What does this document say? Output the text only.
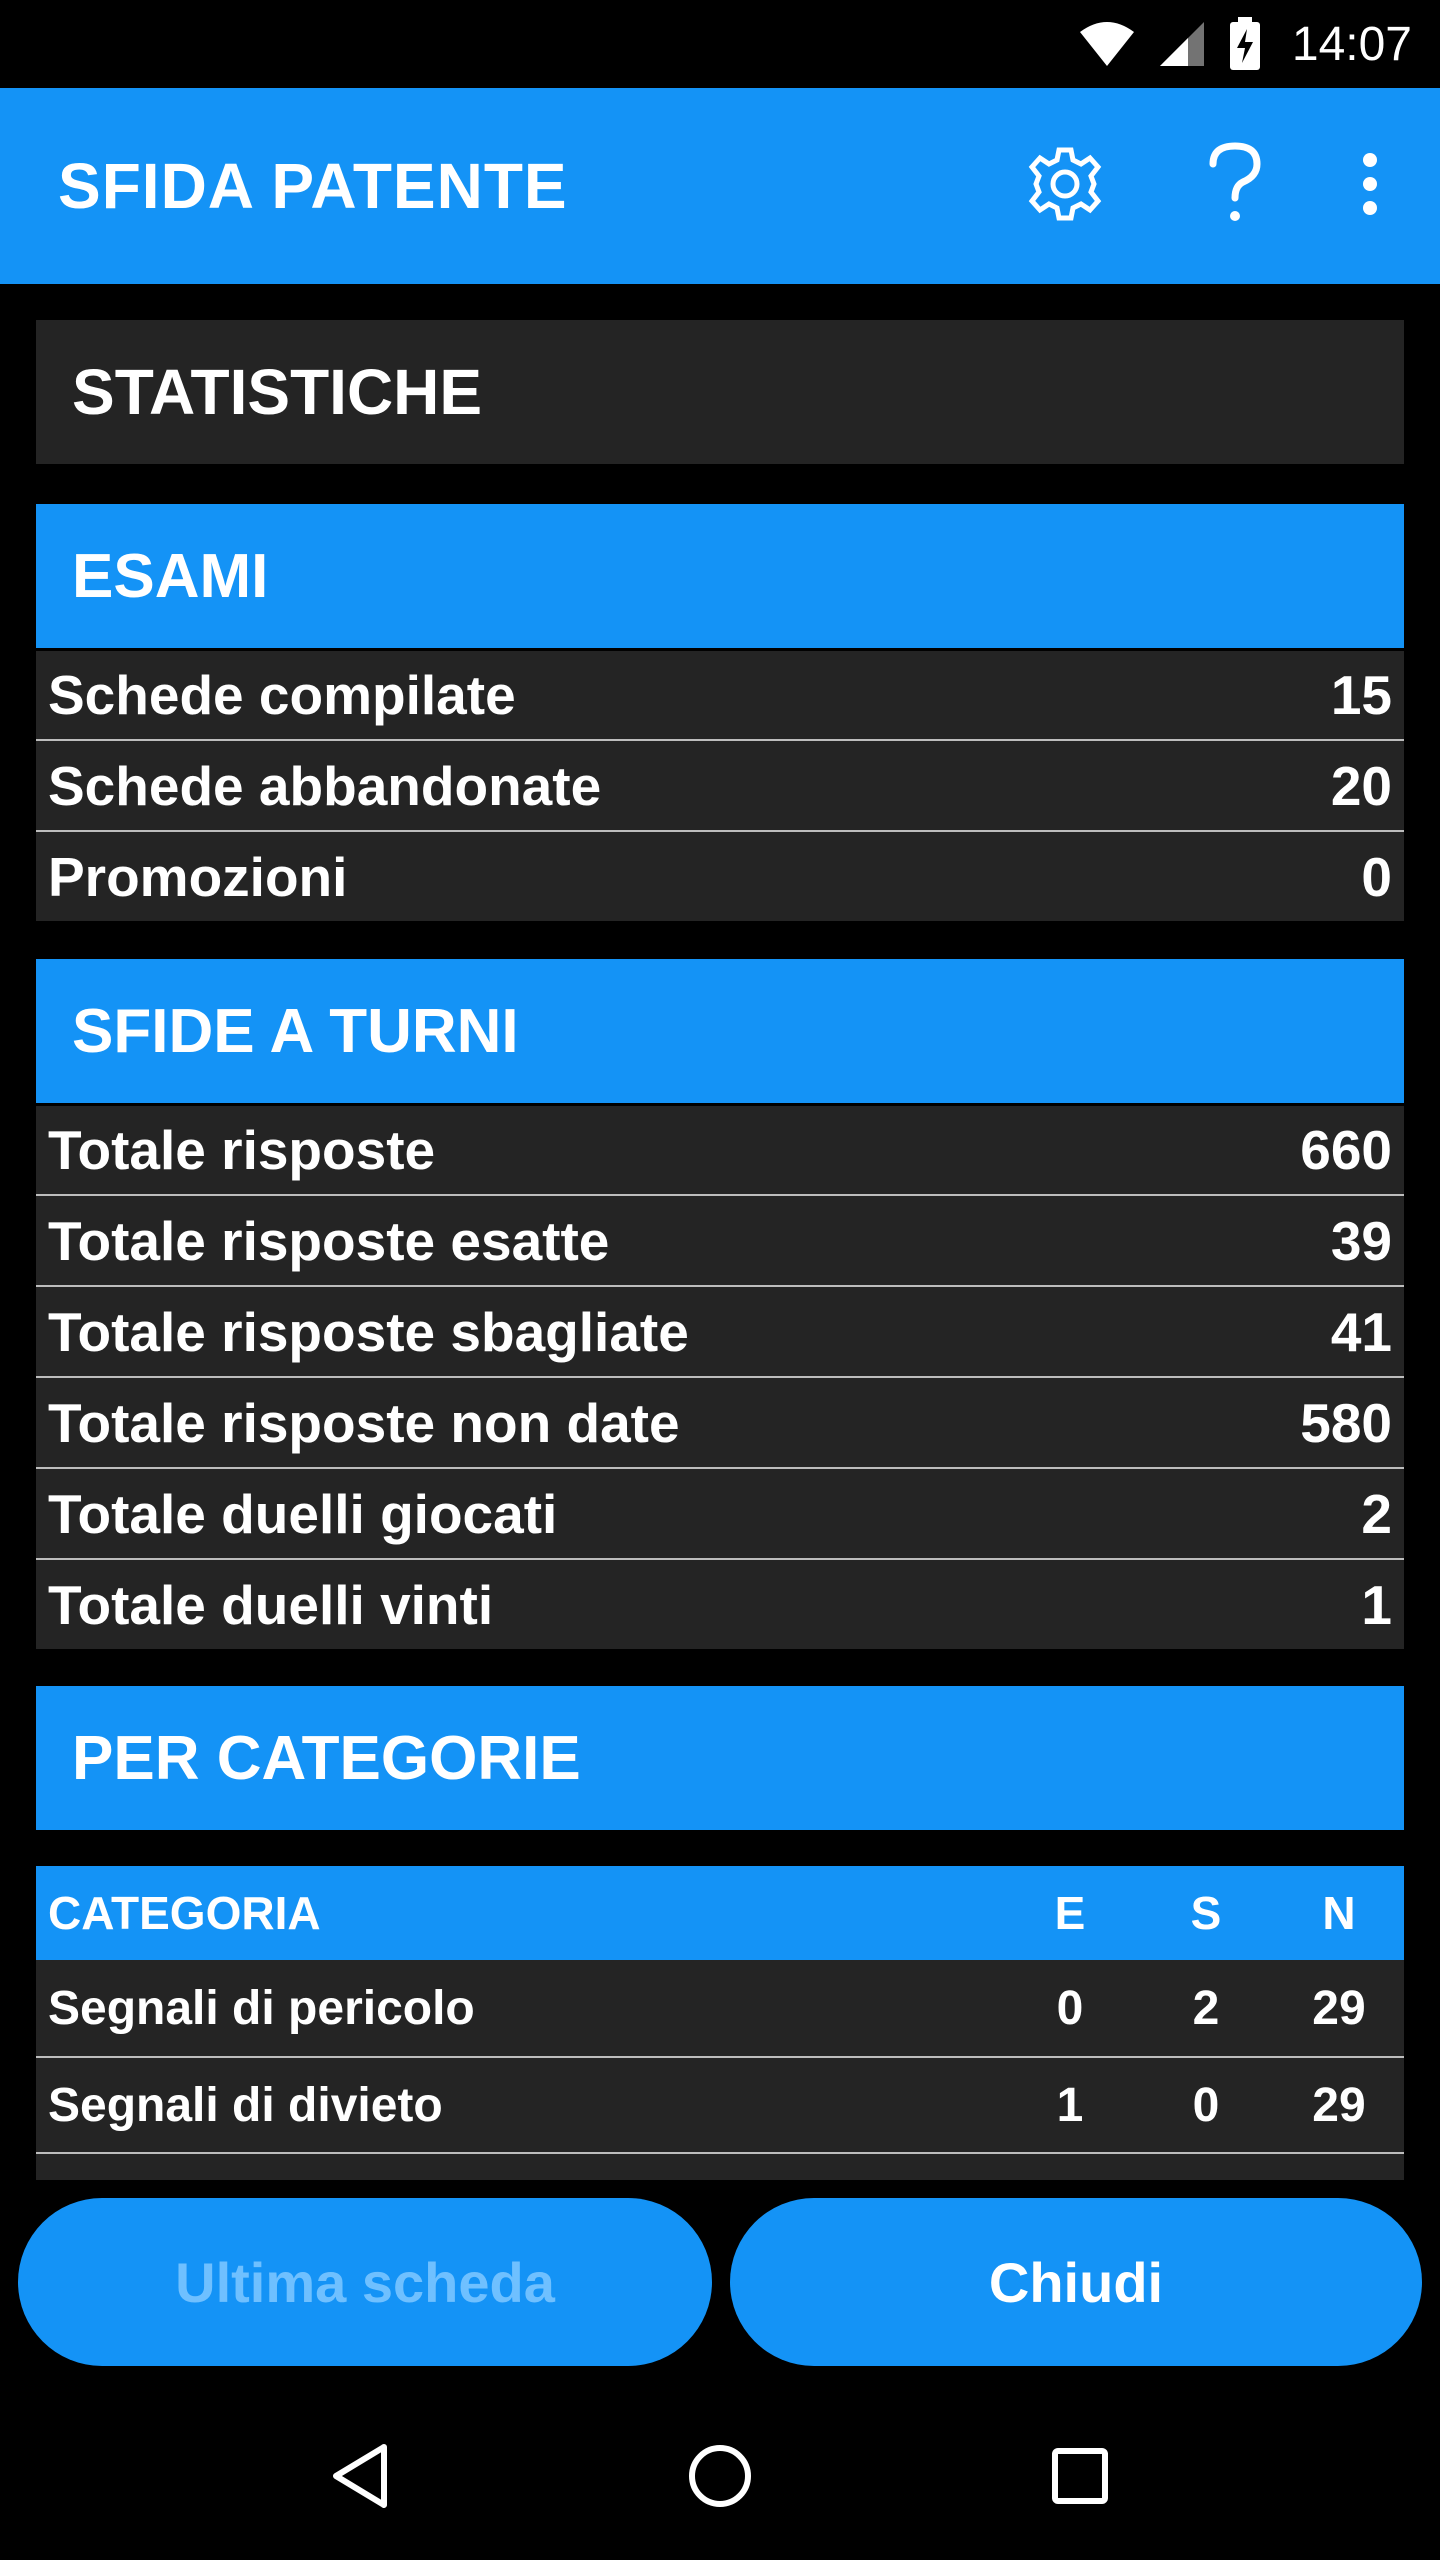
14:07
SFIDA PATENTE
STATISTICHE
ESAMI
Schede compilate	15
Schede abbandonate	20
Promozioni	0
SFIDE A TURNI
Totale risposte	660
Totale risposte esatte	39
Totale risposte sbagliate	41
Totale risposte non date	580
Totale duelli giocati	2
Totale duelli vinti	1
PER CATEGORIE
CATEGORIA	E	S	N
Segnali di pericolo	0	2	29
Segnali di divieto	1	0	29
Ultima scheda	Chiudi
